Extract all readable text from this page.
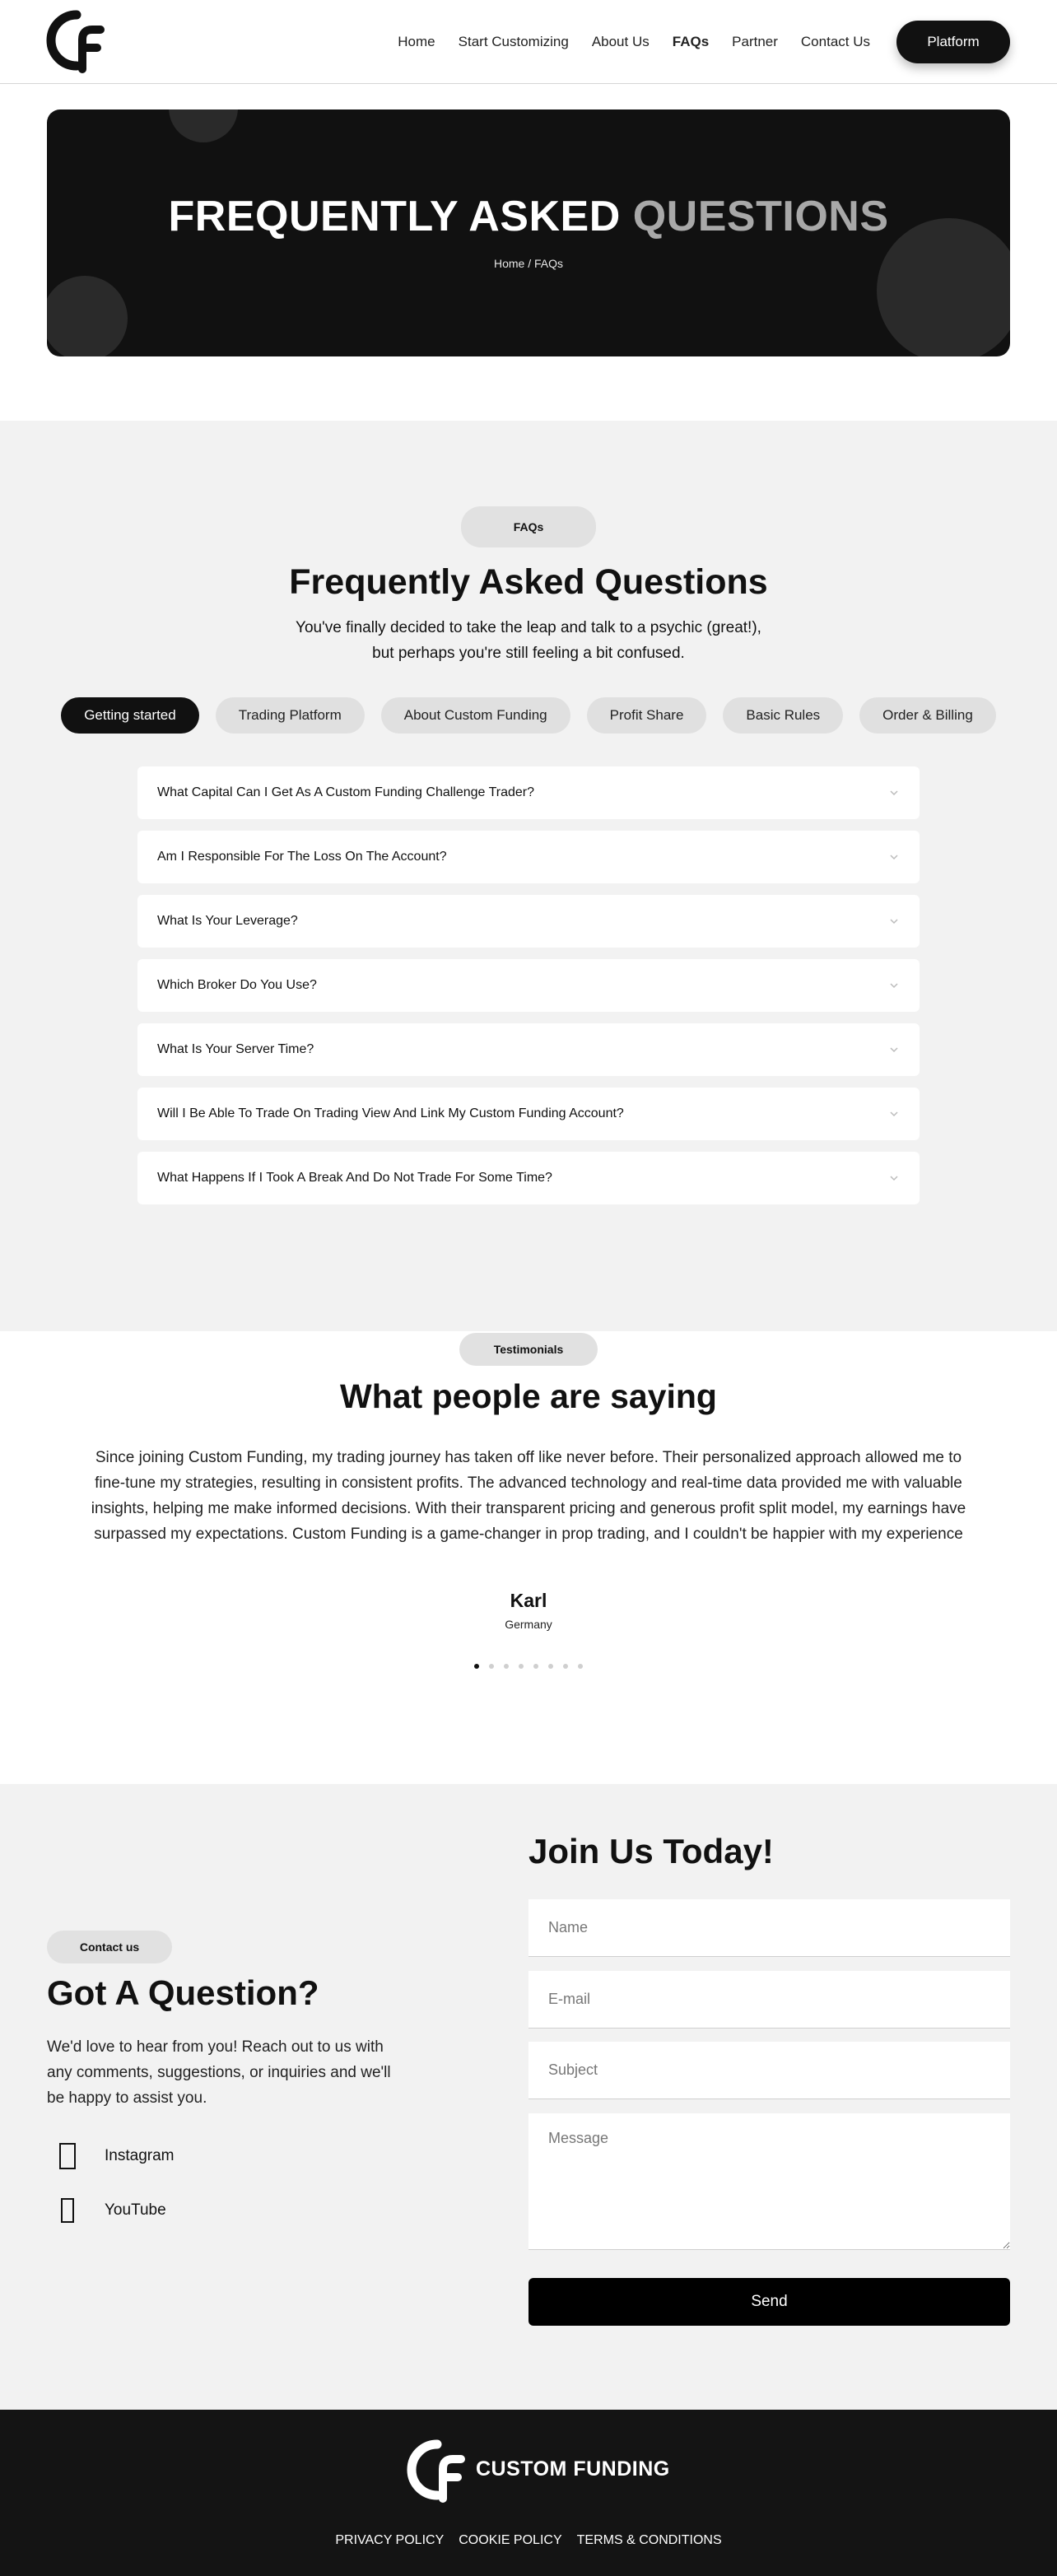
Home Start Customizing About Us FAQs Partner Contact Us	Platform
FREQUENTLY ASKED QUESTIONS
Home / FAQs
FAQs
Frequently Asked Questions

You've finally decided to take the leap and talk to a psychic (great!),
but perhaps you're still feeling a bit confused.

Getting started	Trading Platform	About Custom Funding	Profit Share	Basic Rules	Order & Billing
What Capital Can I Get As A Custom Funding Challenge Trader?
Am I Responsible For The Loss On The Account?
What Is Your Leverage?
Which Broker Do You Use?
What Is Your Server Time?
Will I Be Able To Trade On Trading View And Link My Custom Funding Account?
What Happens If I Took A Break And Do Not Trade For Some Time?
Testimonials
What people are saying

Since joining Custom Funding, my trading journey has taken off like never before. Their personalized approach allowed me to fine-tune my strategies, resulting in consistent profits. The advanced technology and real-time data provided me with valuable insights, helping me make informed decisions. With their transparent pricing and generous profit split model, my earnings have surpassed my expectations. Custom Funding is a game-changer in prop trading, and I couldn't be happier with my experience

Karl
Germany
Contact us
Got A Question?

We'd love to hear from you! Reach out to us with any comments, suggestions, or inquiries and we'll be happy to assist you.

Instagram
YouTube
Join Us Today!
Name
E-mail
Subject
Message
Send
CUSTOM FUNDING
PRIVACY POLICY COOKIE POLICY TERMS & CONDITIONS
